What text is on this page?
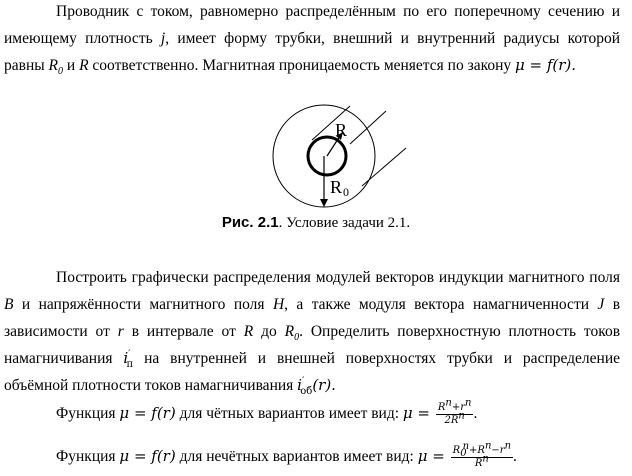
Проводник с током, равномерно распределённым по его поперечному сечению и имеющему плотность j, имеет форму трубки, внешний и внутренний радиусы которой равны $R_0$ и R соответственно. Магнитная проницаемость меняется по закону μ = f(r).

R
R 0
Рис. 2.1. Условие задачи 2.1.

Построить графически распределения модулей векторов индукции магнитного поля B и напряжённости магнитного поля H, а также модуля вектора намагниченности J в зависимости от r в интервале от R до $R_0$. Определить поверхностную плотность токов намагничивания $i'_п$ на внутренней и внешней поверхностях трубки и распределение объёмной плотности токов намагничивания $i'_{об}(r)$.

Функция μ = f(r) для чётных вариантов имеет вид: $\mu = \frac{R^n+r^n}{2R^n}$ .
Функция μ = f(r) для нечётных вариантов имеет вид: $\mu = \frac{R_0^n+R^n-r^n}{R^n}$ .
